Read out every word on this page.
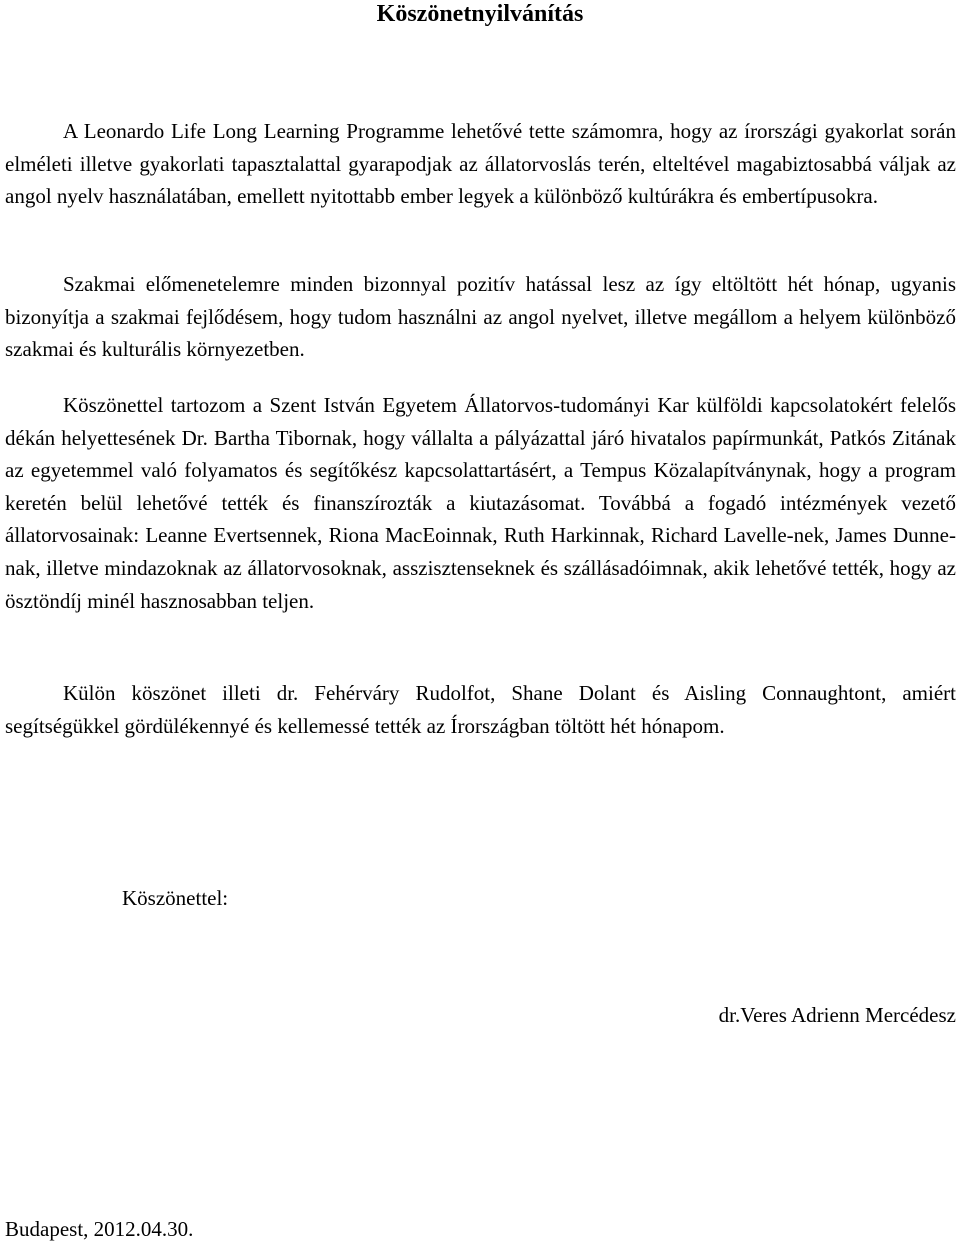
Köszönetnyilvánítás

A Leonardo Life Long Learning Programme lehetővé tette számomra, hogy az írországi gyakorlat során elméleti illetve gyakorlati tapasztalattal gyarapodjak az állatorvoslás terén, elteltével magabiztosabbá váljak az angol nyelv használatában, emellett nyitottabb ember legyek a különböző kultúrákra és embertípusokra.

Szakmai előmenetelemre minden bizonnyal pozitív hatással lesz az így eltöltött hét hónap, ugyanis bizonyítja a szakmai fejlődésem, hogy tudom használni az angol nyelvet, illetve megállom a helyem különböző szakmai és kulturális környezetben.

Köszönettel tartozom a Szent István Egyetem Állatorvos-tudományi Kar külföldi kapcsolatokért felelős dékán helyettesének Dr. Bartha Tibornak, hogy vállalta a pályázattal járó hivatalos papírmunkát, Patkós Zitának az egyetemmel való folyamatos és segítőkész kapcsolattartásért, a Tempus Közalapítványnak, hogy a program keretén belül lehetővé tették és finanszírozták a kiutazásomat. Továbbá a fogadó intézmények vezető állatorvosainak: Leanne Evertsennek, Riona MacEoinnak, Ruth Harkinnak, Richard Lavelle-nek, James Dunne-nak, illetve mindazoknak az állatorvosoknak, asszisztenseknek és szállásadóimnak, akik lehetővé tették, hogy az ösztöndíj minél hasznosabban teljen.

Külön köszönet illeti dr. Fehérváry Rudolfot, Shane Dolant és Aisling Connaughtont, amiért segítségükkel gördülékennyé és kellemessé tették az Írországban töltött hét hónapom.

Köszönettel:
dr.Veres Adrienn Mercédesz
Budapest, 2012.04.30.
